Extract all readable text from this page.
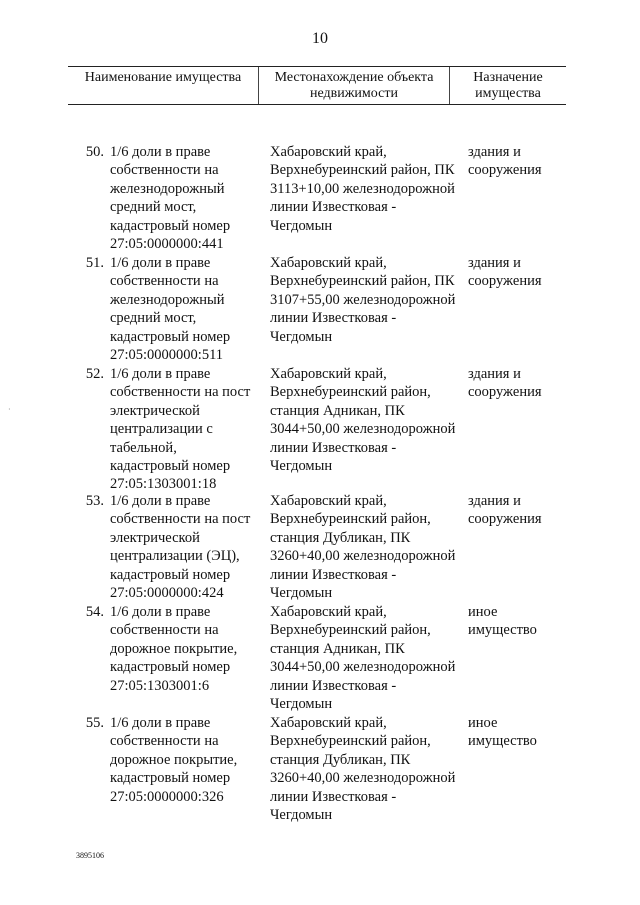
10
Наименование имущества	Местонахождение объекта недвижимости
Назначение имущества
50. 1/6 доли в праве собственности на железнодорожный средний мост, кадастровый номер 27:05:0000000:441
Хабаровский край, Верхнебуреинский район, ПК 3113+10,00 железнодорожной линии Известковая - Чегдомын
здания и сооружения
51. 1/6 доли в праве собственности на железнодорожный средний мост, кадастровый номер 27:05:0000000:511
Хабаровский край, Верхнебуреинский район, ПК 3107+55,00 железнодорожной линии Известковая - Чегдомын
здания и сооружения
52. 1/6 доли в праве собственности на пост электрической централизации с табельной, кадастровый номер 27:05:1303001:18
Хабаровский край, Верхнебуреинский район, станция Адникан, ПК 3044+50,00 железнодорожной линии Известковая - Чегдомын
здания и сооружения
53. 1/6 доли в праве собственности на пост электрической централизации (ЭЦ), кадастровый номер 27:05:0000000:424
Хабаровский край, Верхнебуреинский район, станция Дубликан, ПК 3260+40,00 железнодорожной линии Известковая - Чегдомын
здания и сооружения
54. 1/6 доли в праве собственности на дорожное покрытие, кадастровый номер 27:05:1303001:6
Хабаровский край, Верхнебуреинский район, станция Адникан, ПК 3044+50,00 железнодорожной линии Известковая - Чегдомын
иное имущество
55. 1/6 доли в праве собственности на дорожное покрытие, кадастровый номер 27:05:0000000:326
Хабаровский край, Верхнебуреинский район, станция Дубликан, ПК 3260+40,00 железнодорожной линии Известковая - Чегдомын
иное имущество
·
3895106
